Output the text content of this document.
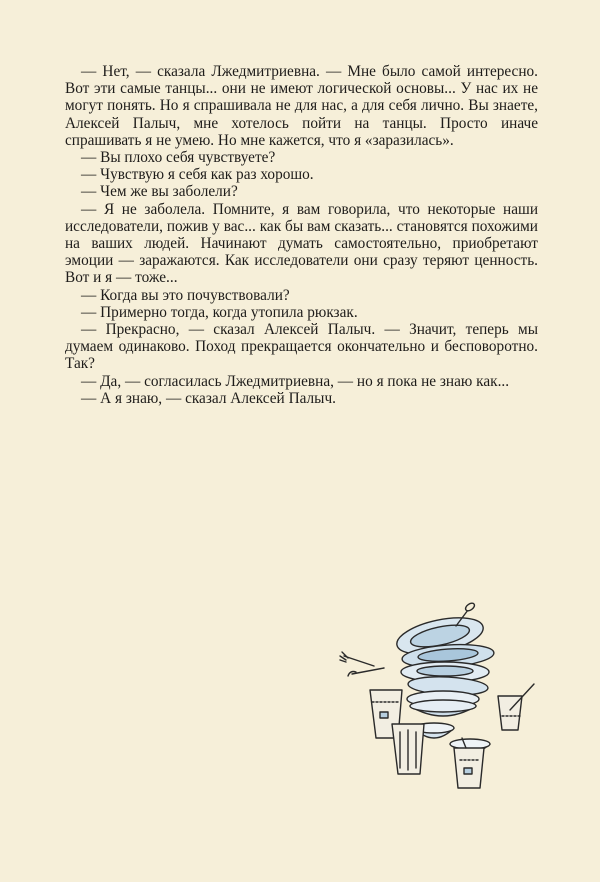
— Нет, — сказала Лжедмитриевна. — Мне было самой интересно. Вот эти самые танцы... они не имеют логической основы... У нас их не могут понять. Но я спрашивала не для нас, а для себя лично. Вы знаете, Алексей Палыч, мне хотелось пойти на танцы. Просто иначе спрашивать я не умею. Но мне кажется, что я «заразилась».

— Вы плохо себя чувствуете?

— Чувствую я себя как раз хорошо.

— Чем же вы заболели?

— Я не заболела. Помните, я вам говорила, что некоторые наши исследователи, пожив у вас... как бы вам сказать... становятся похожими на ваших людей. Начинают думать самостоятельно, приобретают эмоции — заражаются. Как исследователи они сразу теряют ценность. Вот и я — тоже...

— Когда вы это почувствовали?

— Примерно тогда, когда утопила рюкзак.

— Прекрасно, — сказал Алексей Палыч. — Значит, теперь мы думаем одинаково. Поход прекращается окончательно и бесповоротно. Так?

— Да, — согласилась Лжедмитриевна, — но я пока не знаю как...

— А я знаю, — сказал Алексей Палыч.
